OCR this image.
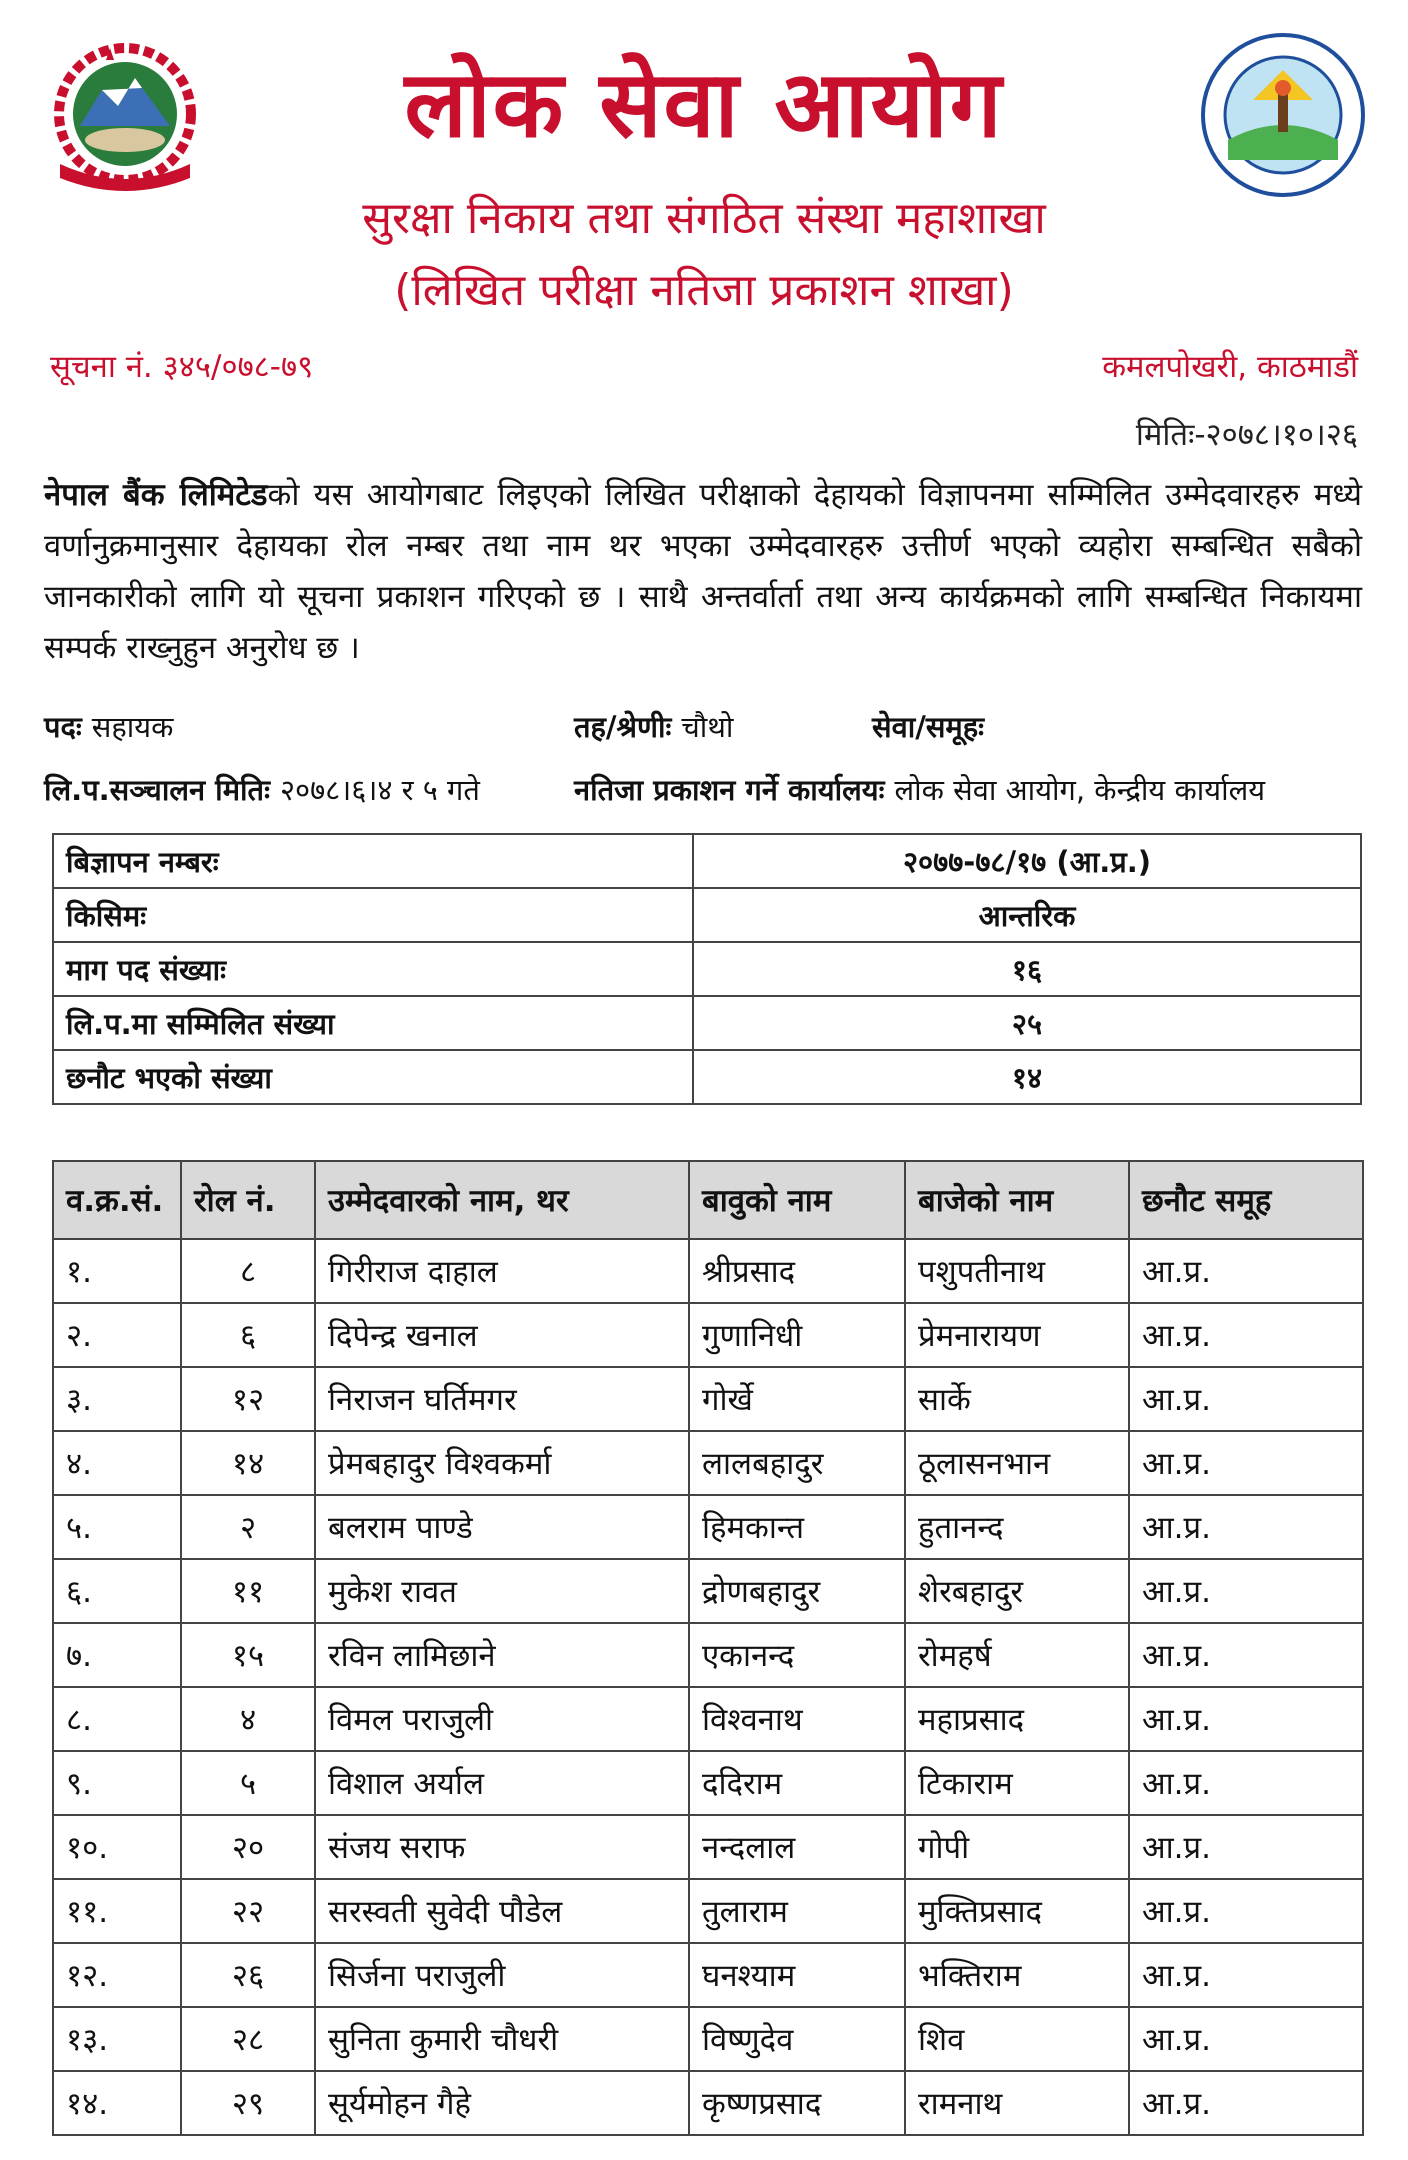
लोक सेवा आयोग
सुरक्षा निकाय तथा संगठित संस्था महाशाखा
(लिखित परीक्षा नतिजा प्रकाशन शाखा)
सूचना नं. ३४५/०७८-७९	कमलपोखरी, काठमाडौं
मितिः-२०७८।१०।२६
नेपाल बैंक लिमिटेडको यस आयोगबाट लिइएको लिखित परीक्षाको देहायको विज्ञापनमा सम्मिलित उम्मेदवारहरु मध्ये वर्णानुक्रमानुसार देहायका रोल नम्बर तथा नाम थर भएका उम्मेदवारहरु उत्तीर्ण भएको व्यहोरा सम्बन्धित सबैको जानकारीको लागि यो सूचना प्रकाशन गरिएको छ । साथै अन्तर्वार्ता तथा अन्य कार्यक्रमको लागि सम्बन्धित निकायमा सम्पर्क राख्नुहुन अनुरोध छ ।
पदः सहायक	तह/श्रेणीः चौथो	सेवा/समूहः
लि.प.सञ्चालन मितिः २०७८।६।४ र ५ गते	नतिजा प्रकाशन गर्ने कार्यालयः लोक सेवा आयोग, केन्द्रीय कार्यालय
बिज्ञापन नम्बरः	२०७७-७८/१७ (आ.प्र.)
किसिमः	आन्तरिक
माग पद संख्याः	१६
लि.प.मा सम्मिलित संख्या	२५
छनौट भएको संख्या	१४
व.क्र.सं.	रोल नं.	उम्मेदवारको नाम, थर	बावुको नाम	बाजेको नाम	छनौट समूह
१.	८	गिरीराज दाहाल	श्रीप्रसाद	पशुपतीनाथ	आ.प्र.
२.	६	दिपेन्द्र खनाल	गुणानिधी	प्रेमनारायण	आ.प्र.
३.	१२	निराजन घर्तिमगर	गोर्खे	सार्के	आ.प्र.
४.	१४	प्रेमबहादुर विश्वकर्मा	लालबहादुर	ठूलासनभान	आ.प्र.
५.	२	बलराम पाण्डे	हिमकान्त	हुतानन्द	आ.प्र.
६.	११	मुकेश रावत	द्रोणबहादुर	शेरबहादुर	आ.प्र.
७.	१५	रविन लामिछाने	एकानन्द	रोमहर्ष	आ.प्र.
८.	४	विमल पराजुली	विश्वनाथ	महाप्रसाद	आ.प्र.
९.	५	विशाल अर्याल	ददिराम	टिकाराम	आ.प्र.
१०.	२०	संजय सराफ	नन्दलाल	गोपी	आ.प्र.
११.	२२	सरस्वती सुवेदी पौडेल	तुलाराम	मुक्तिप्रसाद	आ.प्र.
१२.	२६	सिर्जना पराजुली	घनश्याम	भक्तिराम	आ.प्र.
१३.	२८	सुनिता कुमारी चौधरी	विष्णुदेव	शिव	आ.प्र.
१४.	२९	सूर्यमोहन गैहे	कृष्णप्रसाद	रामनाथ	आ.प्र.
